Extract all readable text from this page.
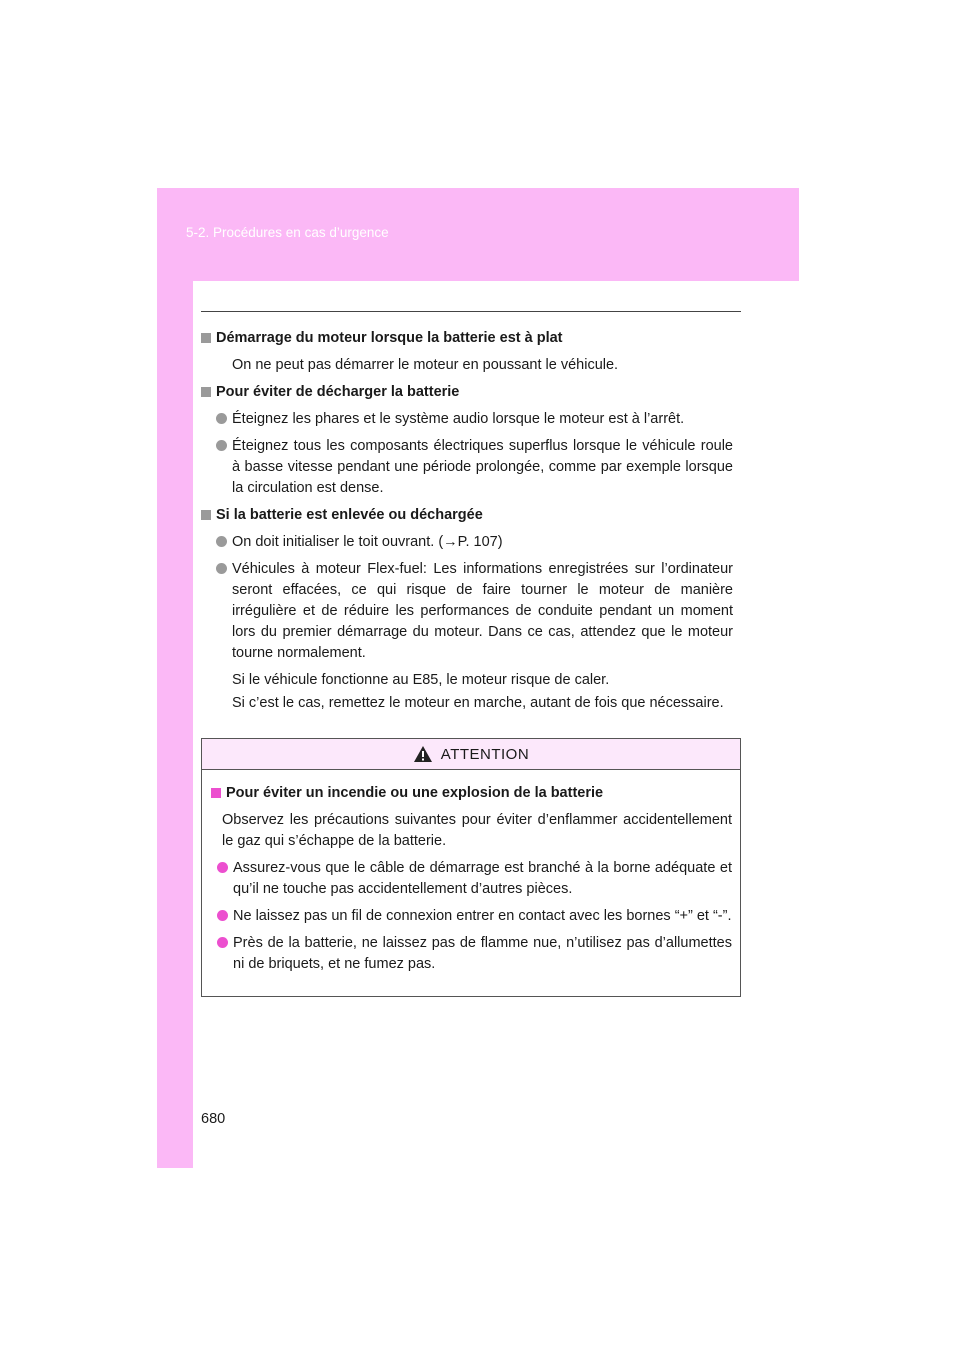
5-2. Procédures en cas d’urgence
Démarrage du moteur lorsque la batterie est à plat
On ne peut pas démarrer le moteur en poussant le véhicule.
Pour éviter de décharger la batterie
Éteignez les phares et le système audio lorsque le moteur est à l’arrêt.
Éteignez tous les composants électriques superflus lorsque le véhicule roule à basse vitesse pendant une période prolongée, comme par exemple lorsque la circulation est dense.
Si la batterie est enlevée ou déchargée
On doit initialiser le toit ouvrant. (→P. 107)
Véhicules à moteur Flex-fuel: Les informations enregistrées sur l’ordinateur seront effacées, ce qui risque de faire tourner le moteur de manière irrégulière et de réduire les performances de conduite pendant un moment lors du premier démarrage du moteur. Dans ce cas, attendez que le moteur tourne normalement.
Si le véhicule fonctionne au E85, le moteur risque de caler.
Si c’est le cas, remettez le moteur en marche, autant de fois que nécessaire.
ATTENTION
Pour éviter un incendie ou une explosion de la batterie
Observez les précautions suivantes pour éviter d’enflammer accidentellement le gaz qui s’échappe de la batterie.
Assurez-vous que le câble de démarrage est branché à la borne adéquate et qu’il ne touche pas accidentellement d’autres pièces.
Ne laissez pas un fil de connexion entrer en contact avec les bornes “+” et “-”.
Près de la batterie, ne laissez pas de flamme nue, n’utilisez pas d’allumettes ni de briquets, et ne fumez pas.
680
